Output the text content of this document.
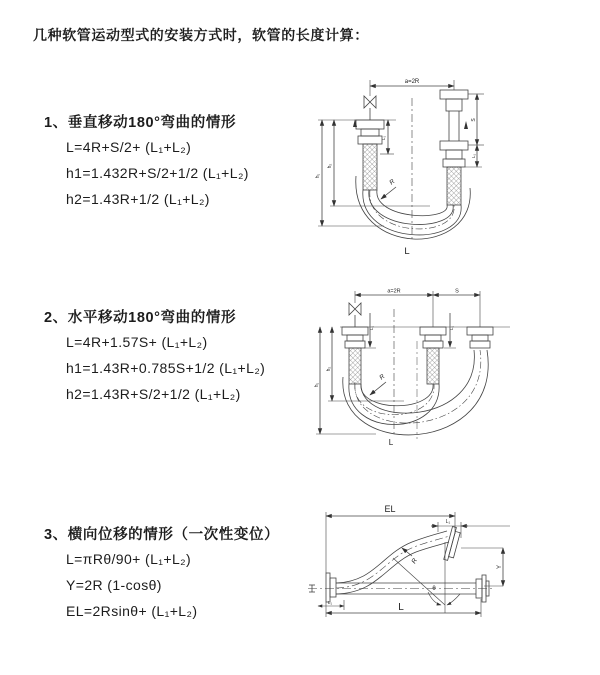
几种软管运动型式的安装方式时，软管的长度计算：
1、垂直移动180°弯曲的情形
L=4R+S/2+ (L₁+L₂)
h1=1.432R+S/2+1/2 (L₁+L₂)
h2=1.43R+1/2 (L₁+L₂)
2、水平移动180°弯曲的情形
L=4R+1.57S+ (L₁+L₂)
h1=1.43R+0.785S+1/2 (L₁+L₂)
h2=1.43R+S/2+1/2 (L₁+L₂)
3、横向位移的情形（一次性变位）
L=πRθ/90+ (L₁+L₂)
Y=2R (1-cosθ)
EL=2Rsinθ+ (L₁+L₂)
a=2R
h₁
h₂
L₁
S
L₁
R
L
a=2R	S
h₁
h₂
L₁	L₁
R
L
EL
L₁
Y
R
θ
L
L₁
